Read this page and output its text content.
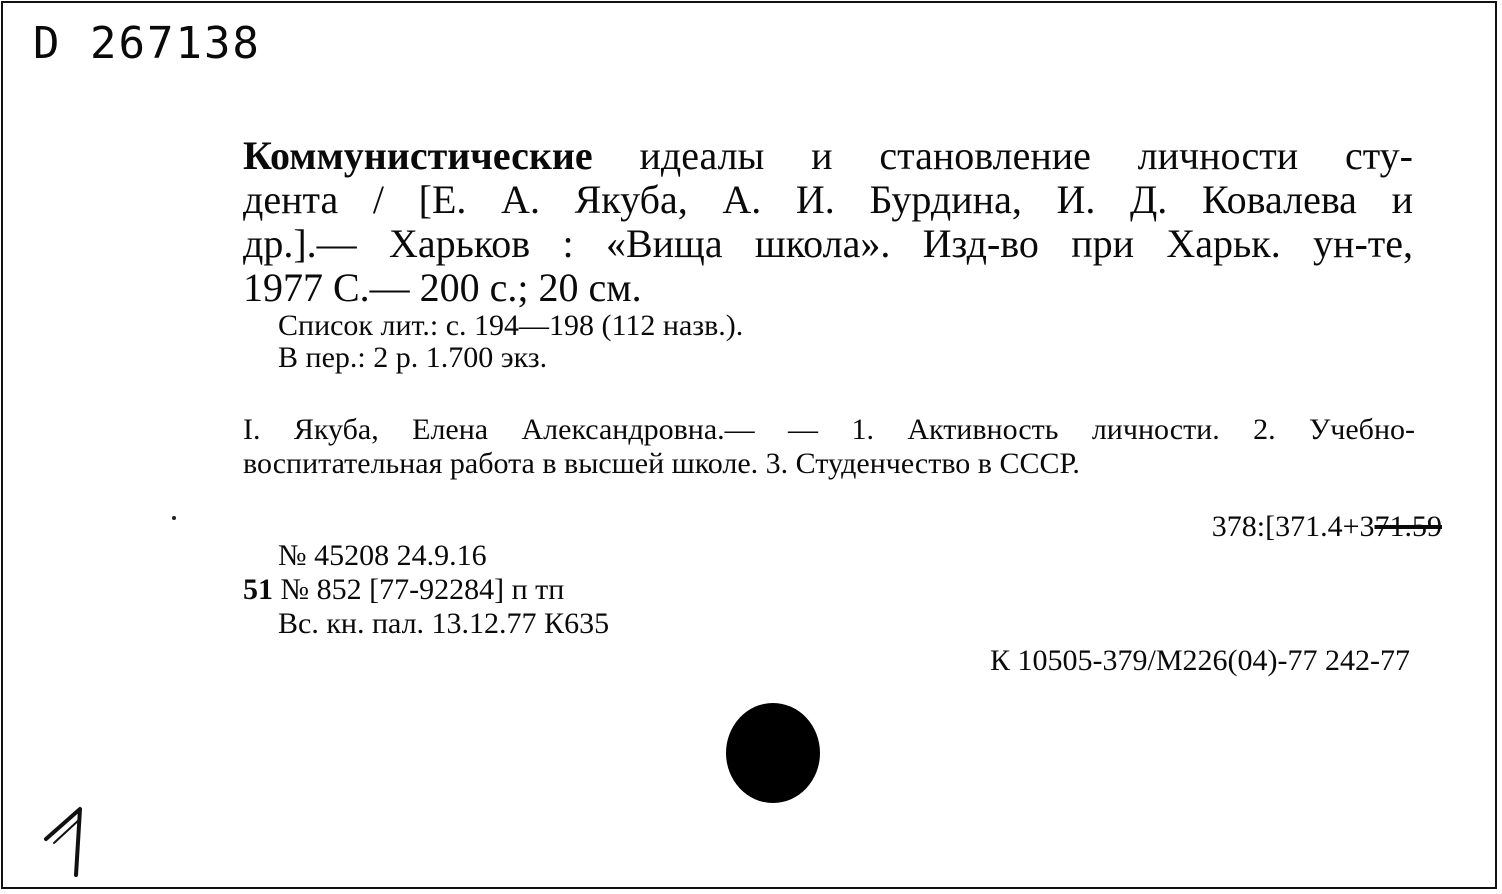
D 267138
Коммунистические идеалы и становление личности сту-
дента / [Е. А. Якуба, А. И. Бурдина, И. Д. Ковалева и
др.].— Харьков : «Вища школа». Изд-во при Харьк. ун-те,
1977 С.— 200 с.; 20 см.

Список лит.: с. 194—198 (112 назв.).

В пер.: 2 р. 1.700 экз.

I. Якуба, Елена Александровна.— — 1. Активность личности. 2. Учебно-
воспитательная работа в высшей школе. 3. Студенчество в СССР.

378:[371.4+371.59

№ 45208 24.9.16

51 № 852 [77-92284] п тп

Вс. кн. пал. 13.12.77 К635

К 10505-379/М226(04)-77 242-77
